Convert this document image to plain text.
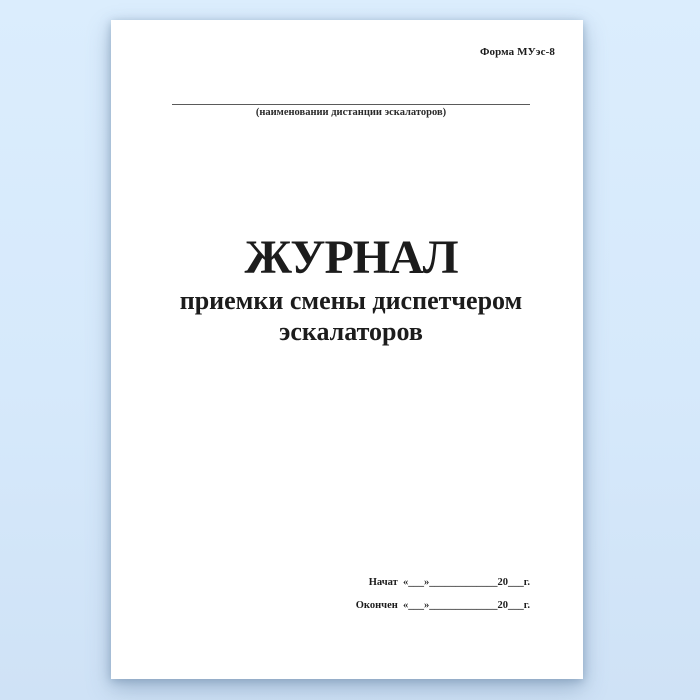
Форма МУэс-8
(наименовании дистанции эскалаторов)
ЖУРНАЛ
приемки смены диспетчером
эскалаторов

Начат  «___»_____________20___г.

Окончен  «___»_____________20___г.
